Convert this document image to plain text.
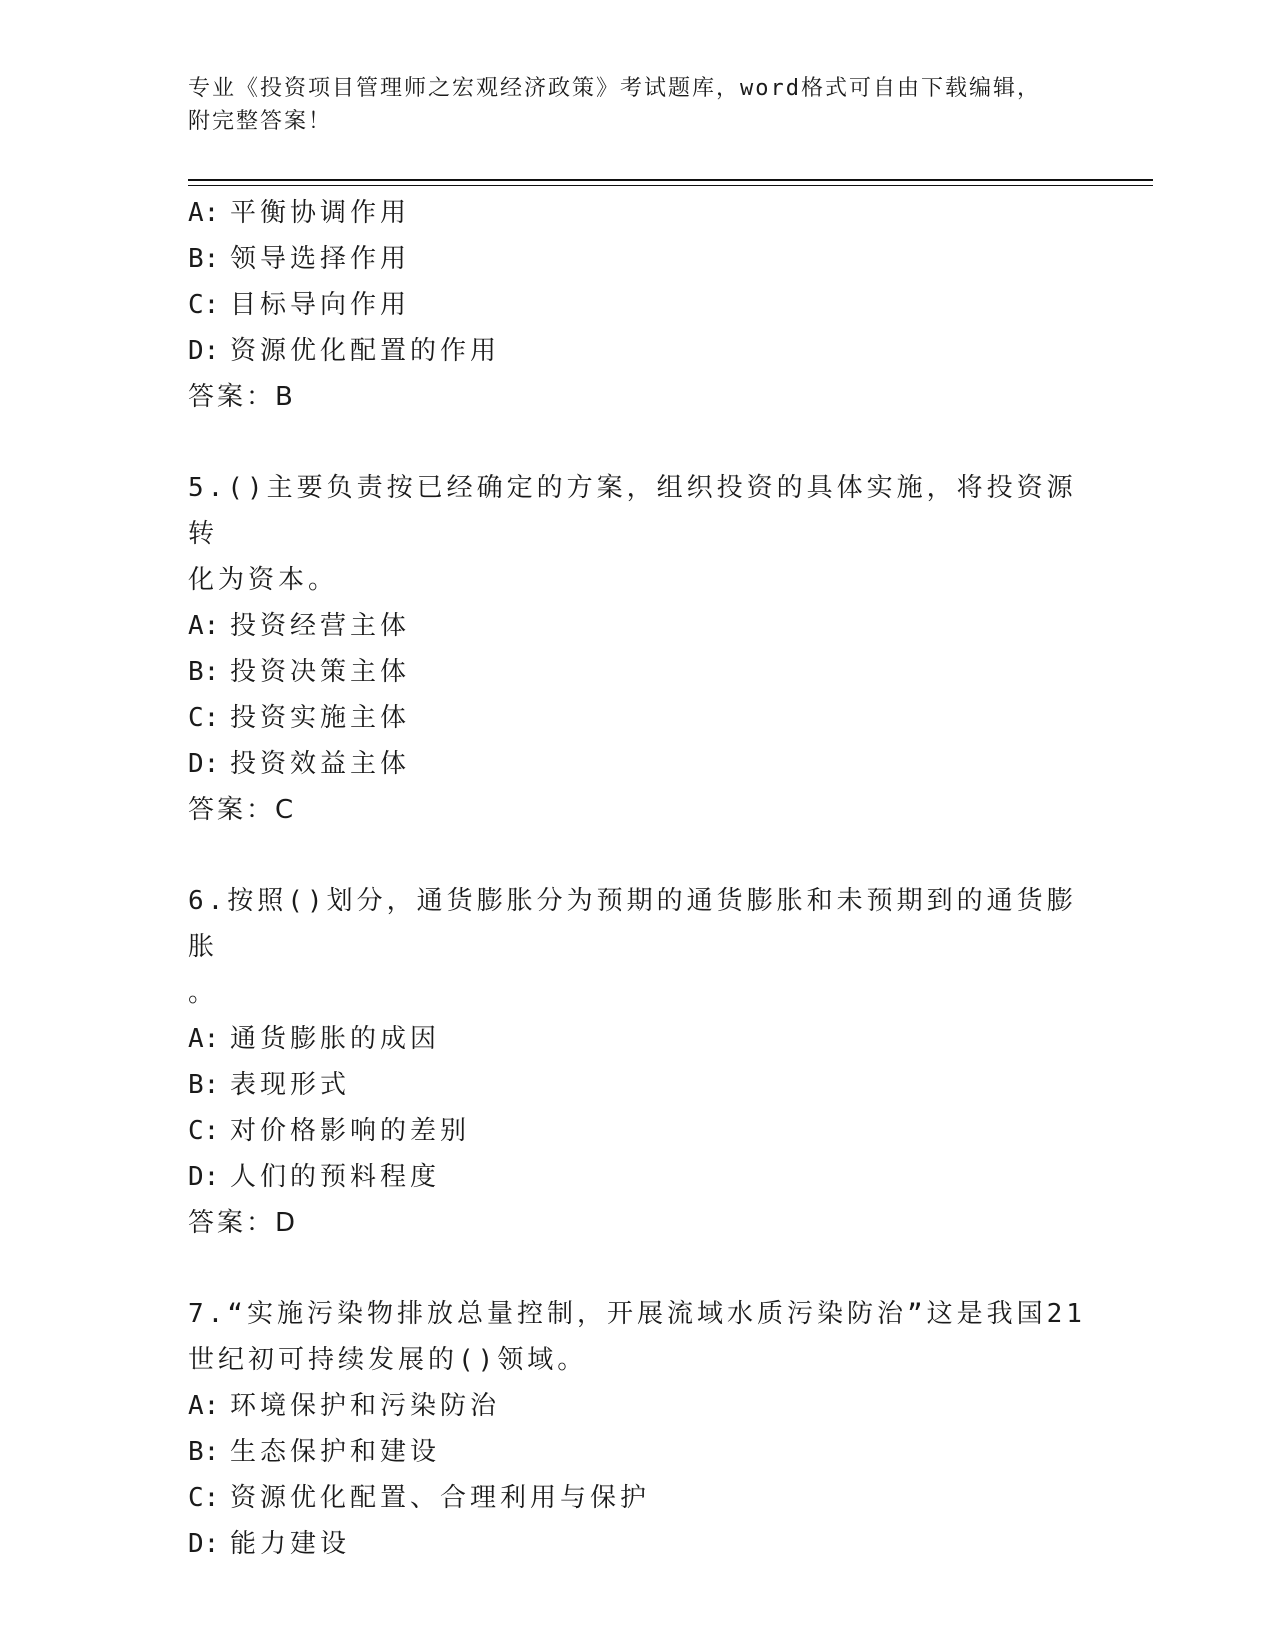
专业《投资项目管理师之宏观经济政策》考试题库，word格式可自由下载编辑，
附完整答案！
A: 平衡协调作用
B: 领导选择作用
C: 目标导向作用
D: 资源优化配置的作用
答案：B
5.()主要负责按已经确定的方案，组织投资的具体实施，将投资源转
化为资本。
A: 投资经营主体
B: 投资决策主体
C: 投资实施主体
D: 投资效益主体
答案：C
6.按照()划分，通货膨胀分为预期的通货膨胀和未预期到的通货膨胀
。
A: 通货膨胀的成因
B: 表现形式
C: 对价格影响的差别
D: 人们的预料程度
答案：D
7.“实施污染物排放总量控制，开展流域水质污染防治”这是我国21
世纪初可持续发展的()领域。
A: 环境保护和污染防治
B: 生态保护和建设
C: 资源优化配置、合理利用与保护
D: 能力建设
